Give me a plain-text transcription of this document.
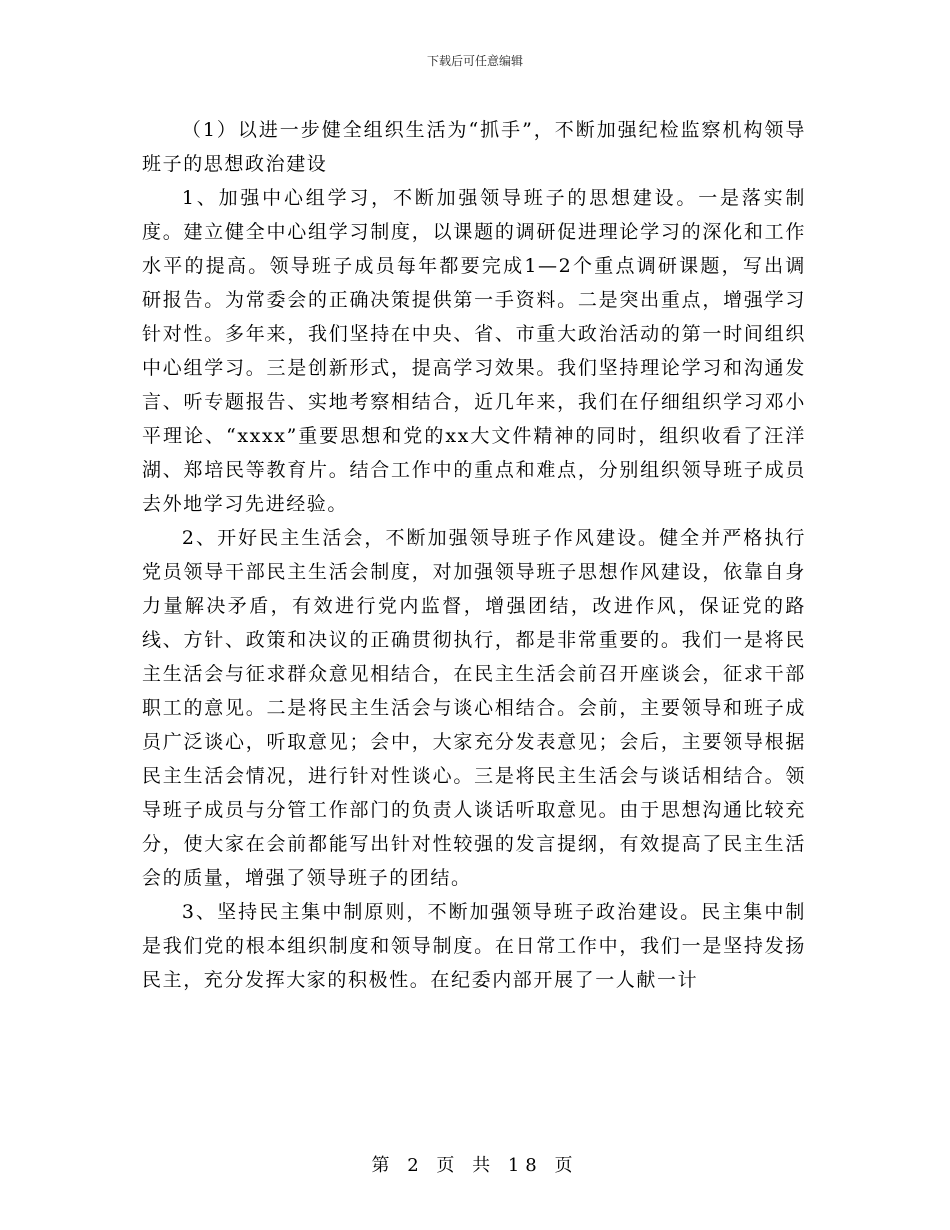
下载后可任意编辑

（1）以进一步健全组织生活为“抓手”，不断加强纪检监察机构领导班子的思想政治建设

1、加强中心组学习，不断加强领导班子的思想建设。一是落实制度。建立健全中心组学习制度，以课题的调研促进理论学习的深化和工作水平的提高。领导班子成员每年都要完成1—2个重点调研课题，写出调研报告。为常委会的正确决策提供第一手资料。二是突出重点，增强学习针对性。多年来，我们坚持在中央、省、市重大政治活动的第一时间组织中心组学习。三是创新形式，提高学习效果。我们坚持理论学习和沟通发言、听专题报告、实地考察相结合，近几年来，我们在仔细组织学习邓小平理论、“xxxx”重要思想和党的xx大文件精神的同时，组织收看了汪洋湖、郑培民等教育片。结合工作中的重点和难点，分别组织领导班子成员去外地学习先进经验。

2、开好民主生活会，不断加强领导班子作风建设。健全并严格执行党员领导干部民主生活会制度，对加强领导班子思想作风建设，依靠自身力量解决矛盾，有效进行党内监督，增强团结，改进作风，保证党的路线、方针、政策和决议的正确贯彻执行，都是非常重要的。我们一是将民主生活会与征求群众意见相结合，在民主生活会前召开座谈会，征求干部职工的意见。二是将民主生活会与谈心相结合。会前，主要领导和班子成员广泛谈心，听取意见；会中，大家充分发表意见；会后，主要领导根据民主生活会情况，进行针对性谈心。三是将民主生活会与谈话相结合。领导班子成员与分管工作部门的负责人谈话听取意见。由于思想沟通比较充分，使大家在会前都能写出针对性较强的发言提纲，有效提高了民主生活会的质量，增强了领导班子的团结。

3、坚持民主集中制原则，不断加强领导班子政治建设。民主集中制是我们党的根本组织制度和领导制度。在日常工作中，我们一是坚持发扬民主，充分发挥大家的积极性。在纪委内部开展了一人献一计

第 2 页 共 18 页
